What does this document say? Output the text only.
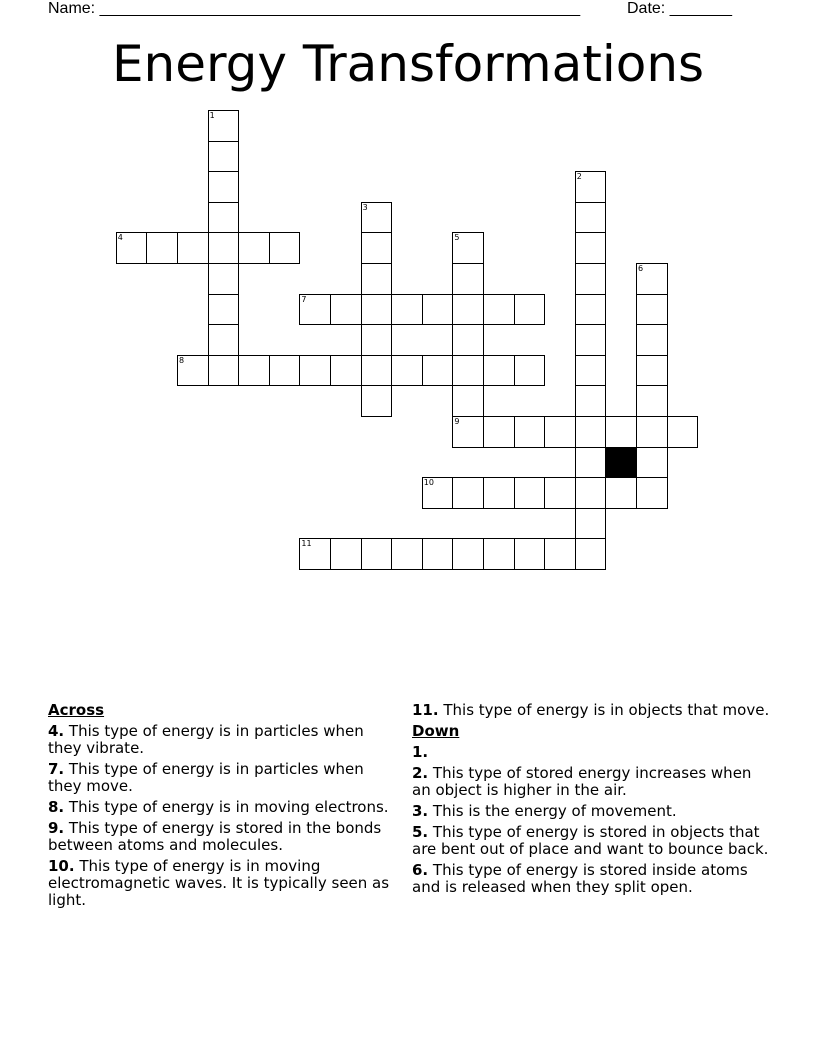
Name: ______________________________________________________	Date: _______
Energy Transformations
1
4
3
5
9
2
6
7
8
10
11
Across
4. This type of energy is in particles when they vibrate.
7. This type of energy is in particles when they move.
8. This type of energy is in moving electrons.
9. This type of energy is stored in the bonds between atoms and molecules.
10. This type of energy is in moving electromagnetic waves. It is typically seen as light.
11. This type of energy is in objects that move.
Down
1.
2. This type of stored energy increases when an object is higher in the air.
3. This is the energy of movement.
5. This type of energy is stored in objects that are bent out of place and want to bounce back.
6. This type of energy is stored inside atoms and is released when they split open.
